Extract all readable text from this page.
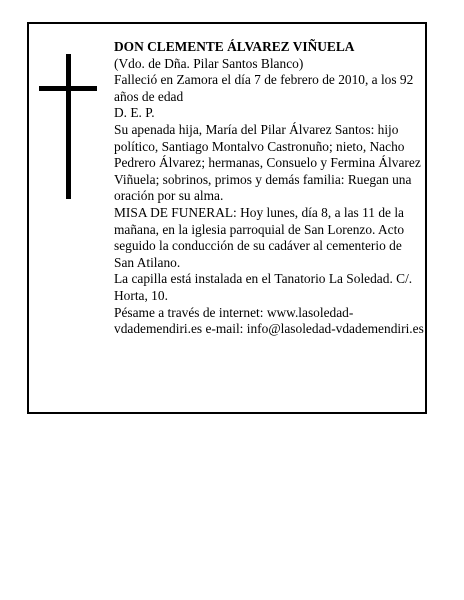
DON CLEMENTE ÁLVAREZ VIÑUELA

(Vdo. de Dña. Pilar Santos Blanco)

Falleció en Zamora el día 7 de febrero de 2010, a los 92 años de edad

D. E. P.

Su apenada hija, María del Pilar Álvarez Santos: hijo político, Santiago Montalvo Castronuño; nieto, Nacho Pedrero Álvarez; hermanas, Consuelo y Fermina Álvarez Viñuela; sobrinos, primos y demás familia: Ruegan una oración por su alma.

MISA DE FUNERAL: Hoy lunes, día 8, a las 11 de la mañana, en la iglesia parroquial de San Lorenzo. Acto seguido la conducción de su cadáver al cementerio de San Atilano.

La capilla está instalada en el Tanatorio La Soledad. C/. Horta, 10.

Pésame a través de internet: www.lasoledad-vdademendiri.es e-mail: info@lasoledad-vdademendiri.es
